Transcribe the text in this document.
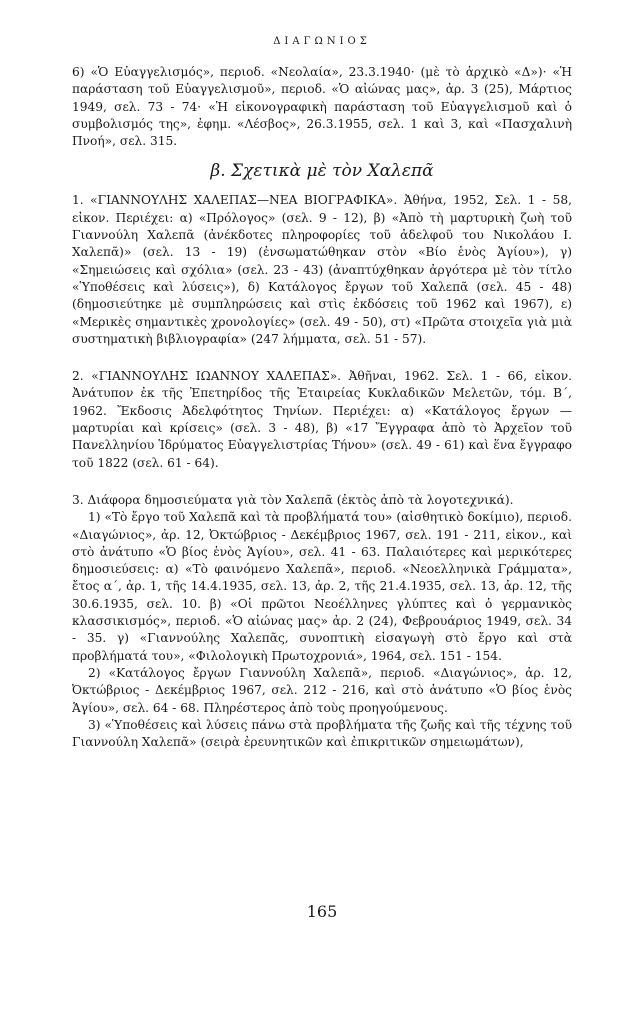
ΔΙΑΓΩΝΙΟΣ

6) «Ὁ Εὐαγγελισμός», περιοδ. «Νεολαία», 23.3.1940· (μὲ τὸ ἀρχικὸ «Δ»)· «Ἡ παράσταση τοῦ Εὐαγγελισμοῦ», περιοδ. «Ὁ αἰώνας μας», ἀρ. 3 (25), Μάρτιος 1949, σελ. 73 - 74· «Ἡ εἰκονογραφικὴ παράσταση τοῦ Εὐαγγελισμοῦ καὶ ὁ συμβολισμός της», ἐφημ. «Λέσβος», 26.3.1955, σελ. 1 καὶ 3, καὶ «Πασχαλινὴ Πνοή», σελ. 315.

β. Σχετικὰ μὲ τὸν Χαλεπᾶ

1. «ΓΙΑΝΝΟΥΛΗΣ ΧΑΛΕΠΑΣ—ΝΕΑ ΒΙΟΓΡΑΦΙΚΑ». Ἀθήνα, 1952, Σελ. 1 - 58, εἰκον. Περιέχει: α) «Πρόλογος» (σελ. 9 - 12), β) «Ἀπὸ τὴ μαρτυρικὴ ζωὴ τοῦ Γιαννούλη Χαλεπᾶ (ἀνέκδοτες πληροφορίες τοῦ ἀδελφοῦ του Νικολάου Ι. Χαλεπᾶ)» (σελ. 13 - 19) (ἐνσωματώθηκαν στὸν «Βίο ἑνὸς Ἁγίου»), γ) «Σημειώσεις καὶ σχόλια» (σελ. 23 - 43) (ἀναπτύχθηκαν ἀργότερα μὲ τὸν τίτλο «Ὑποθέσεις καὶ λύσεις»), δ) Κατάλογος ἔργων τοῦ Χαλεπᾶ (σελ. 45 - 48) (δημοσιεύτηκε μὲ συμπληρώσεις καὶ στὶς ἐκδόσεις τοῦ 1962 καὶ 1967), ε) «Μερικὲς σημαντικὲς χρονολογίες» (σελ. 49 - 50), στ) «Πρῶτα στοιχεῖα γιὰ μιὰ συστηματικὴ βιβλιογραφία» (247 λήμματα, σελ. 51 - 57).

2. «ΓΙΑΝΝΟΥΛΗΣ ΙΩΑΝΝΟΥ ΧΑΛΕΠΑΣ». Ἀθῆναι, 1962. Σελ. 1 - 66, εἰκον. Ἀνάτυπον ἐκ τῆς Ἐπετηρίδος τῆς Ἑταιρείας Κυκλαδικῶν Μελετῶν, τόμ. Β΄, 1962. Ἔκδοσις Ἀδελφότητος Τηνίων. Περιέχει: α) «Κατάλογος ἔργων — μαρτυρίαι καὶ κρίσεις» (σελ. 3 - 48), β) «17 Ἔγγραφα ἀπὸ τὸ Ἀρχεῖον τοῦ Πανελληνίου Ἱδρύματος Εὐαγγελιστρίας Τήνου» (σελ. 49 - 61) καὶ ἕνα ἔγγραφο τοῦ 1822 (σελ. 61 - 64).

3. Διάφορα δημοσιεύματα γιὰ τὸν Χαλεπᾶ (ἐκτὸς ἀπὸ τὰ λογοτεχνικά).

1) «Τὸ ἔργο τοῦ Χαλεπᾶ καὶ τὰ προβλήματά του» (αἰσθητικὸ δοκίμιο), περιοδ. «Διαγώνιος», ἀρ. 12, Ὀκτώβριος - Δεκέμβριος 1967, σελ. 191 - 211, εἰκον., καὶ στὸ ἀνάτυπο «Ὁ βίος ἑνὸς Ἁγίου», σελ. 41 - 63. Παλαιότερες καὶ μερικότερες δημοσιεύσεις: α) «Τὸ φαινόμενο Χαλεπᾶ», περιοδ. «Νεοελληνικὰ Γράμματα», ἔτος α΄, ἀρ. 1, τῆς 14.4.1935, σελ. 13, ἀρ. 2, τῆς 21.4.1935, σελ. 13, ἀρ. 12, τῆς 30.6.1935, σελ. 10. β) «Οἱ πρῶτοι Νεοέλληνες γλύπτες καὶ ὁ γερμανικὸς κλασσικισμός», περιοδ. «Ὁ αἰώνας μας» ἀρ. 2 (24), Φεβρουάριος 1949, σελ. 34 - 35. γ) «Γιαννούλης Χαλεπᾶς, συνοπτικὴ εἰσαγωγὴ στὸ ἔργο καὶ στὰ προβλήματά του», «Φιλολογικὴ Πρωτοχρονιά», 1964, σελ. 151 - 154.

2) «Κατάλογος ἔργων Γιαννούλη Χαλεπᾶ», περιοδ. «Διαγώνιος», ἀρ. 12, Ὀκτώβριος - Δεκέμβριος 1967, σελ. 212 - 216, καὶ στὸ ἀνάτυπο «Ὁ βίος ἑνὸς Ἁγίου», σελ. 64 - 68. Πληρέστερος ἀπὸ τοὺς προηγούμενους.

3) «Ὑποθέσεις καὶ λύσεις πάνω στὰ προβλήματα τῆς ζωῆς καὶ τῆς τέχνης τοῦ Γιαννούλη Χαλεπᾶ» (σειρὰ ἐρευνητικῶν καὶ ἐπικριτικῶν σημειωμάτων),

165
